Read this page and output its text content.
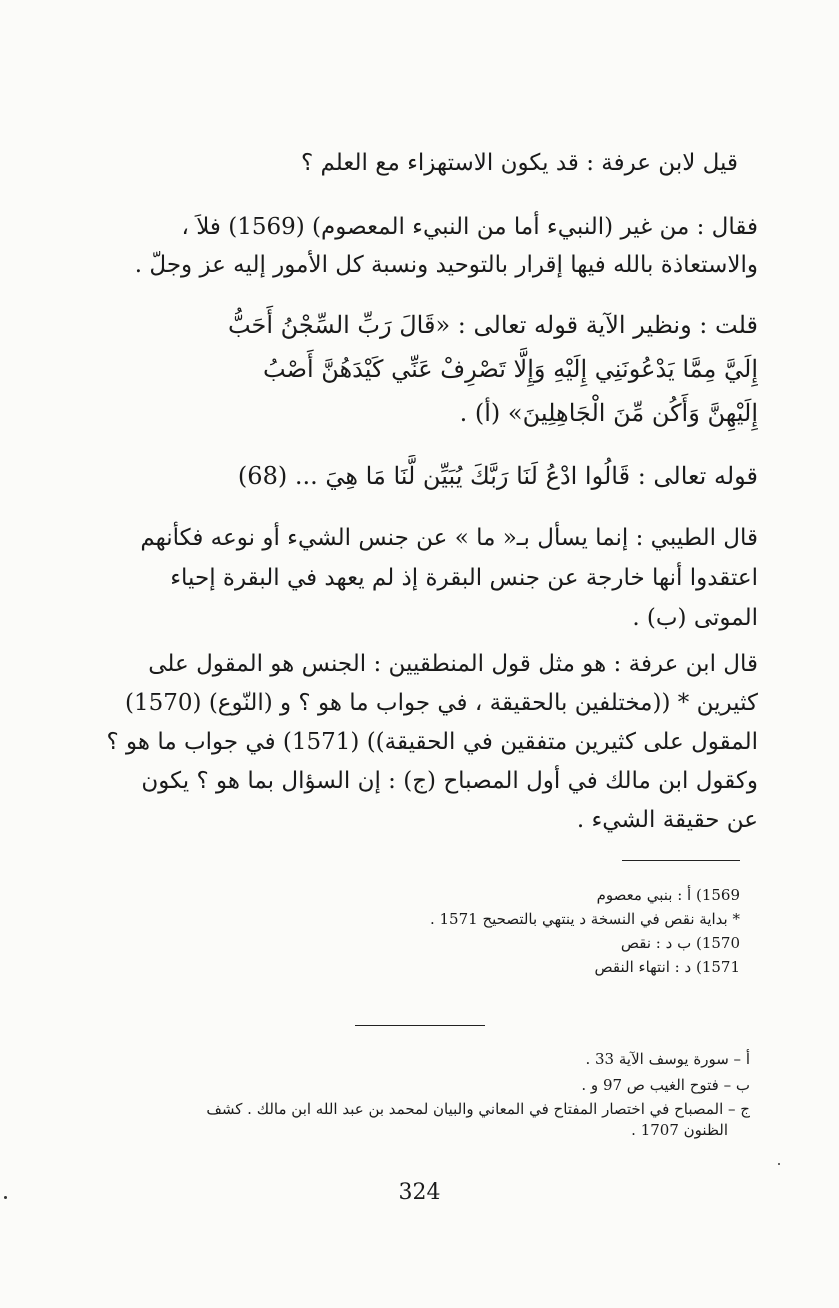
قيل لابن عرفة : قد يكون الاستهزاء مع العلم ؟
فقال : من غير (النبيء أما من النبيء المعصوم) (1569) فلاَ ،
والاستعاذة بالله فيها إقرار بالتوحيد ونسبة كل الأمور إليه عز وجلّ .
قلت : ونظير الآية قوله تعالى : «قَالَ رَبِّ السِّجْنُ أَحَبُّ
إِلَيَّ مِمَّا يَدْعُونَنِي إِلَيْهِ وَإِلَّا تَصْرِفْ عَنِّي كَيْدَهُنَّ أَصْبُ
إِلَيْهِنَّ وَأَكُن مِّنَ الْجَاهِلِينَ» (أ) .
قوله تعالى : قَالُوا ادْعُ لَنَا رَبَّكَ يُبَيِّن لَّنَا مَا هِيَ ... (68)
قال الطيبي : إنما يسأل بـ« ما » عن جنس الشيء أو نوعه فكأنهم
اعتقدوا أنها خارجة عن جنس البقرة إذ لم يعهد في البقرة إحياء
الموتى (ب) .
قال ابن عرفة : هو مثل قول المنطقيين : الجنس هو المقول على
كثيرين * ((مختلفين بالحقيقة ، في جواب ما هو ؟ و (النّوع) (1570)
المقول على كثيرين متفقين في الحقيقة)) (1571) في جواب ما هو ؟
وكقول ابن مالك في أول المصباح (ج) : إن السؤال بما هو ؟ يكون
عن حقيقة الشيء .
1569) أ : بنبي معصوم
* بداية نقص في النسخة د ينتهي بالتصحيح 1571 .
1570) ب د : نقص
1571) د : انتهاء النقص
أ – سورة يوسف الآية 33 .
ب – فتوح الغيب ص 97 و .
ج – المصباح في اختصار المفتاح في المعاني والبيان لمحمد بن عبد الله ابن مالك . كشف
الظنون 1707 .
324
